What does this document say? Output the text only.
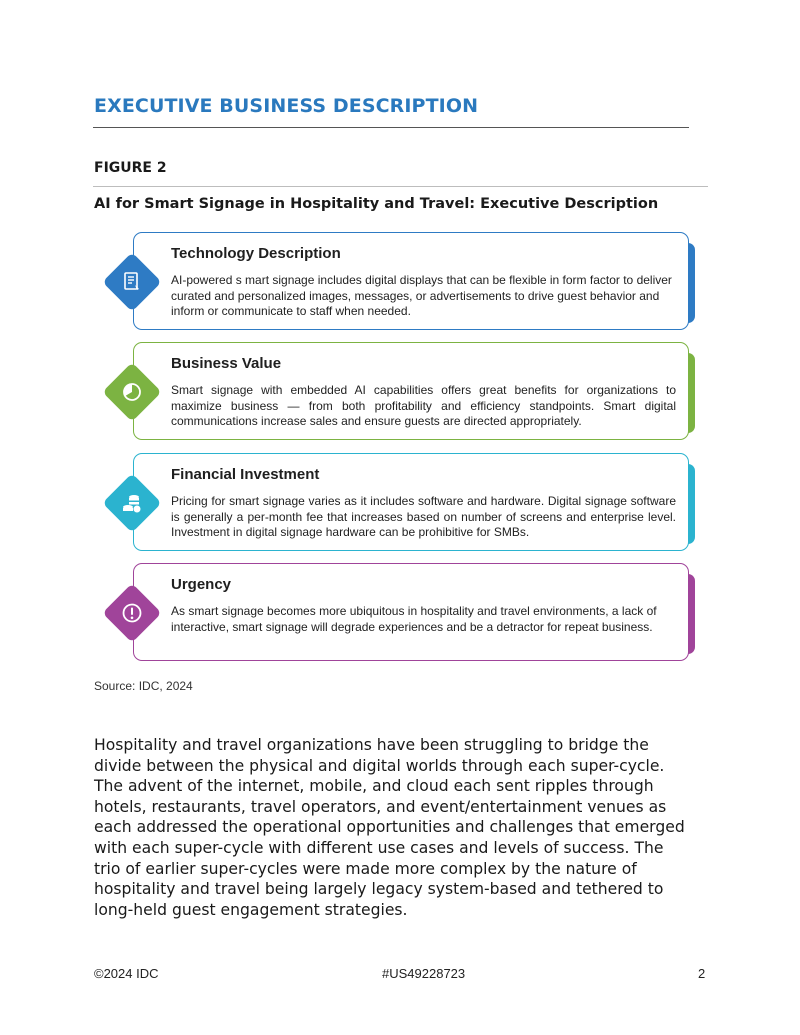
EXECUTIVE BUSINESS DESCRIPTION
FIGURE 2
AI for Smart Signage in Hospitality and Travel: Executive Description
Technology Description
AI-powered s mart signage includes digital displays that can be flexible in form factor to deliver curated and personalized images, messages, or advertisements to drive guest behavior and inform or communicate to staff when needed.
Business Value
Smart signage with embedded AI capabilities offers great benefits for organizations to maximize business — from both profitability and efficiency standpoints. Smart digital communications increase sales and ensure guests are directed appropriately.
Financial Investment
Pricing for smart signage varies as it includes software and hardware. Digital signage software is generally a per-month fee that increases based on number of screens and enterprise level. Investment in digital signage hardware can be prohibitive for SMBs.
Urgency
As smart signage becomes more ubiquitous in hospitality and travel environments, a lack of interactive, smart signage will degrade experiences and be a detractor for repeat business.
Source: IDC, 2024
Hospitality and travel organizations have been struggling to bridge the divide between the physical and digital worlds through each super-cycle. The advent of the internet, mobile, and cloud each sent ripples through hotels, restaurants, travel operators, and event/entertainment venues as each addressed the operational opportunities and challenges that emerged with each super-cycle with different use cases and levels of success. The trio of earlier super-cycles were made more complex by the nature of hospitality and travel being largely legacy system-based and tethered to long-held guest engagement strategies.
©2024 IDC	#US49228723	2
